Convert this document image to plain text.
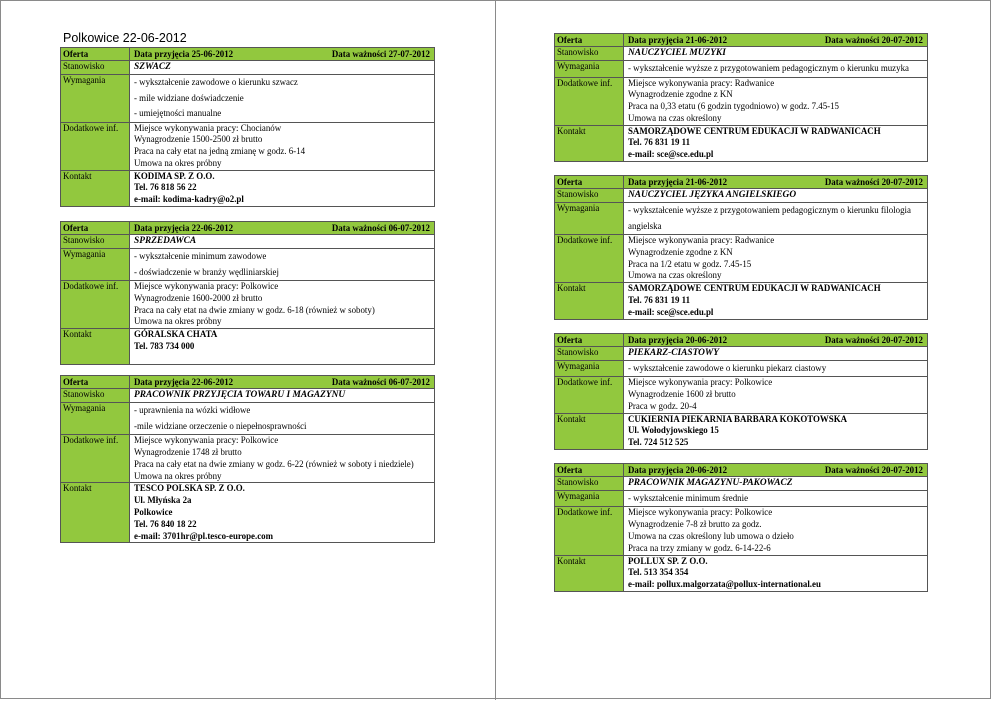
Polkowice 22-06-2012
Oferta	Data przyjęcia 25-06-2012	Data ważności 27-07-2012
Stanowisko	SZWACZ
Wymagania	- wykształcenie zawodowe o kierunku szwacz
- mile widziane doświadczenie
- umiejętności manualne
Dodatkowe inf.	Miejsce wykonywania pracy: Chocianów
Wynagrodzenie 1500-2500 zł brutto
Praca na cały etat na jedną zmianę w godz. 6-14
Umowa na okres próbny
Kontakt	KODIMA SP. Z O.O.
Tel. 76 818 56 22
e-mail: kodima-kadry@o2.pl
Oferta	Data przyjęcia 22-06-2012	Data ważności 06-07-2012
Stanowisko	SPRZEDAWCA
Wymagania	- wykształcenie minimum zawodowe
- doświadczenie w branży wędliniarskiej
Dodatkowe inf.	Miejsce wykonywania pracy: Polkowice
Wynagrodzenie 1600-2000 zł brutto
Praca na cały etat na dwie zmiany w godz. 6-18 (również w soboty)
Umowa na okres próbny
Kontakt	GÓRALSKA CHATA
Tel. 783 734 000
Oferta	Data przyjęcia 22-06-2012	Data ważności 06-07-2012
Stanowisko	PRACOWNIK PRZYJĘCIA TOWARU I MAGAZYNU
Wymagania	- uprawnienia na wózki widłowe
-mile widziane orzeczenie o niepełnosprawności
Dodatkowe inf.	Miejsce wykonywania pracy: Polkowice
Wynagrodzenie 1748 zł brutto
Praca na cały etat na dwie zmiany w godz. 6-22 (również w soboty i niedziele)
Umowa na okres próbny
Kontakt	TESCO POLSKA SP. Z O.O.
Ul. Młyńska 2a
Polkowice
Tel. 76 840 18 22
e-mail: 3701hr@pl.tesco-europe.com
Oferta	Data przyjęcia 21-06-2012	Data ważności 20-07-2012
Stanowisko	NAUCZYCIEL MUZYKI
Wymagania	- wykształcenie wyższe z przygotowaniem pedagogicznym o kierunku muzyka
Dodatkowe inf.	Miejsce wykonywania pracy: Radwanice
Wynagrodzenie zgodne z KN
Praca na 0,33 etatu (6 godzin tygodniowo) w godz. 7.45-15
Umowa na czas określony
Kontakt	SAMORZĄDOWE CENTRUM EDUKACJI W RADWANICACH
Tel. 76 831 19 11
e-mail: sce@sce.edu.pl
Oferta	Data przyjęcia 21-06-2012	Data ważności 20-07-2012
Stanowisko	NAUCZYCIEL JĘZYKA ANGIELSKIEGO
Wymagania	- wykształcenie wyższe z przygotowaniem pedagogicznym o kierunku filologia angielska
Dodatkowe inf.	Miejsce wykonywania pracy: Radwanice
Wynagrodzenie zgodne z KN
Praca na 1/2 etatu w godz. 7.45-15
Umowa na czas określony
Kontakt	SAMORZĄDOWE CENTRUM EDUKACJI W RADWANICACH
Tel. 76 831 19 11
e-mail: sce@sce.edu.pl
Oferta	Data przyjęcia 20-06-2012	Data ważności 20-07-2012
Stanowisko	PIEKARZ-CIASTOWY
Wymagania	- wykształcenie zawodowe o kierunku piekarz ciastowy
Dodatkowe inf.	Miejsce wykonywania pracy: Polkowice
Wynagrodzenie 1600 zł brutto
Praca w godz. 20-4
Kontakt	CUKIERNIA PIEKARNIA BARBARA KOKOTOWSKA
Ul. Wołodyjowskiego 15
Tel. 724 512 525
Oferta	Data przyjęcia 20-06-2012	Data ważności 20-07-2012
Stanowisko	PRACOWNIK MAGAZYNU-PAKOWACZ
Wymagania	- wykształcenie minimum średnie
Dodatkowe inf.	Miejsce wykonywania pracy: Polkowice
Wynagrodzenie 7-8 zł brutto za godz.
Umowa na czas określony lub umowa o dzieło
Praca na trzy zmiany w godz. 6-14-22-6
Kontakt	POLLUX SP. Z O.O.
Tel. 513 354 354
e-mail: pollux.malgorzata@pollux-international.eu
